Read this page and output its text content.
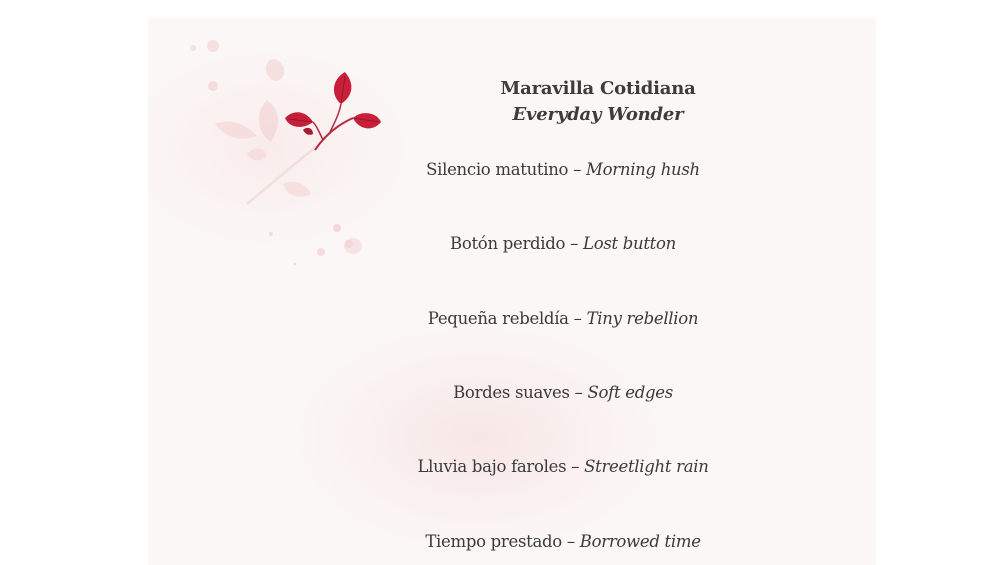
Maravilla Cotidiana
Everyday Wonder
Silencio matutino – Morning hush
Botón perdido – Lost button
Pequeña rebeldía – Tiny rebellion
Bordes suaves – Soft edges
Lluvia bajo faroles – Streetlight rain
Tiempo prestado – Borrowed time
